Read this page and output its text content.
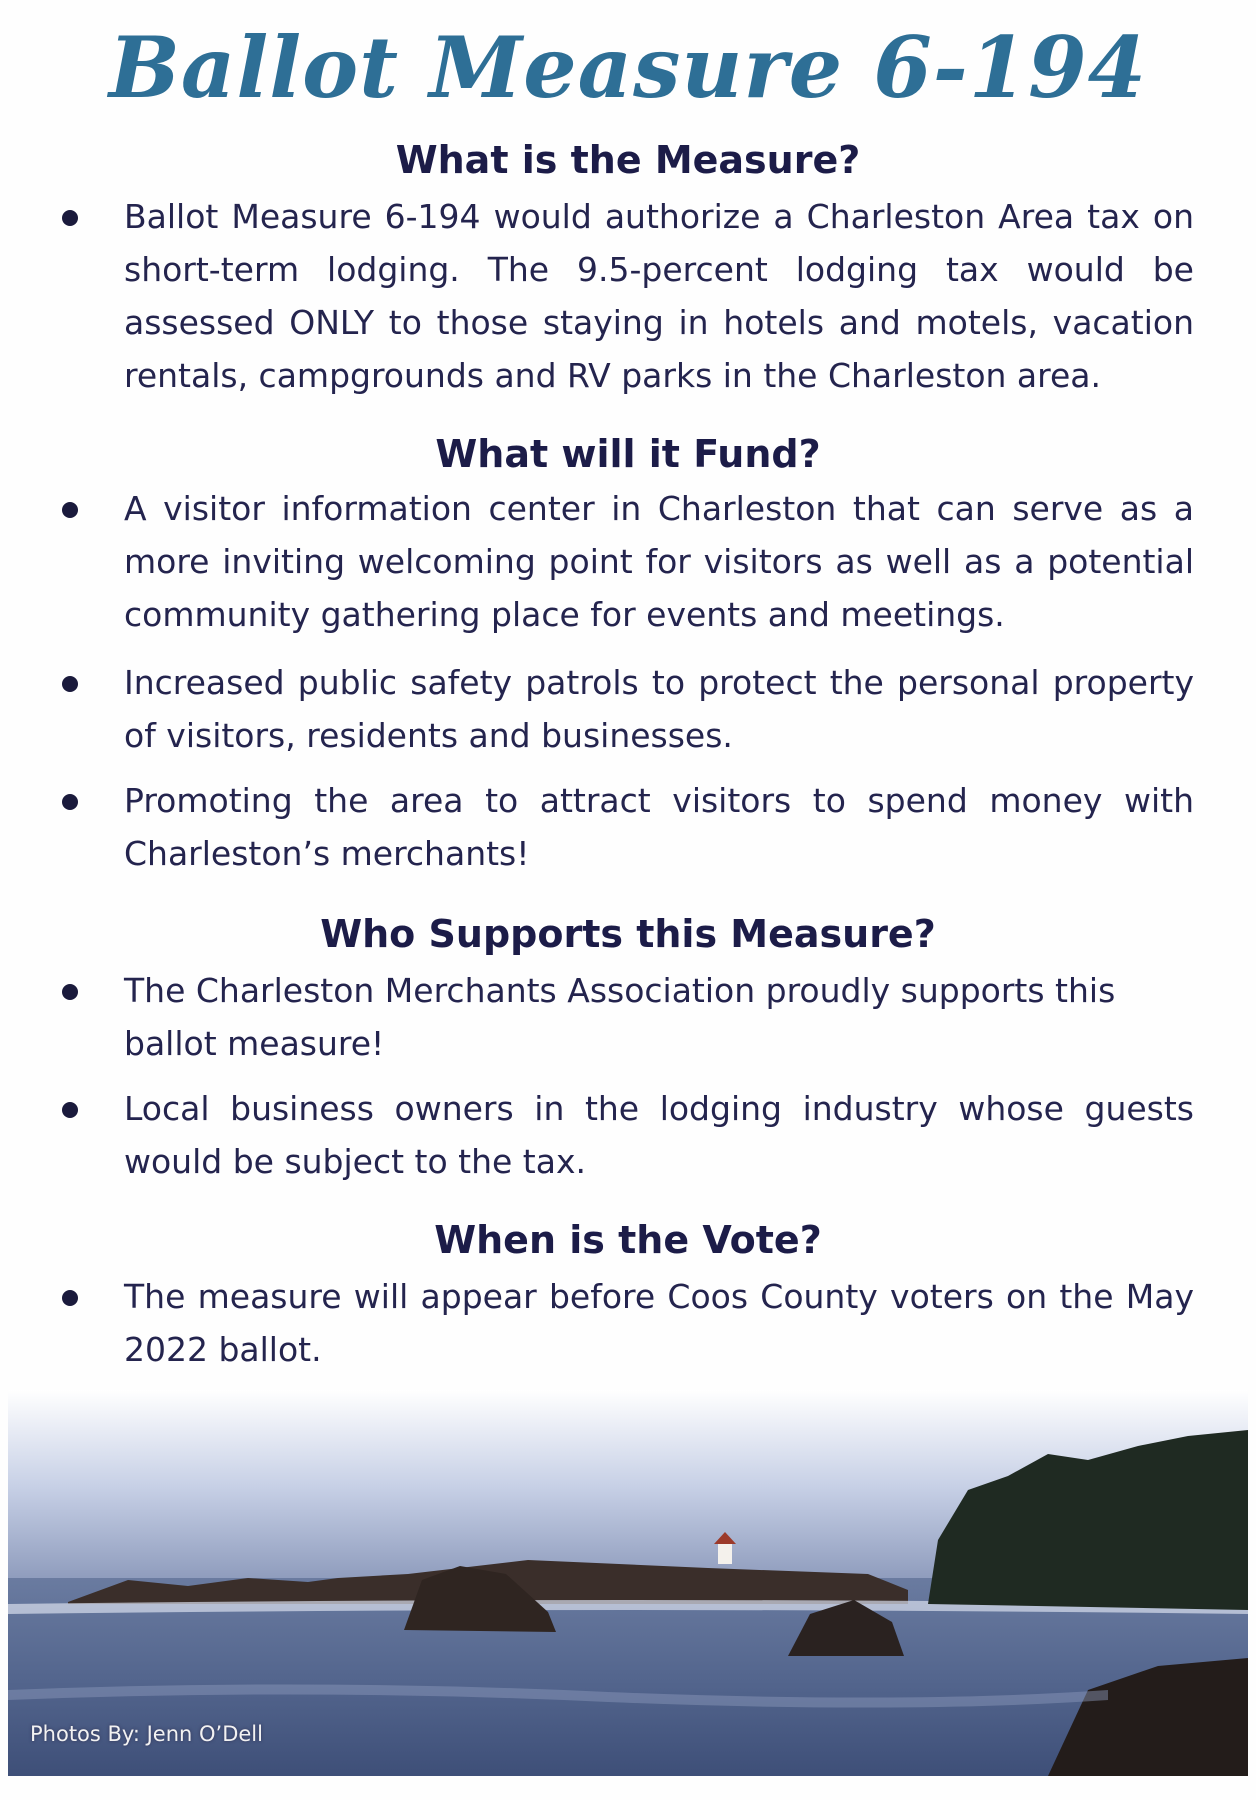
Ballot Measure 6-194
What is the Measure?
Ballot Measure 6-194 would authorize a Charleston Area tax on short-term lodging. The 9.5-percent lodging tax would be assessed ONLY to those staying in hotels and motels, vacation rentals, campgrounds and RV parks in the Charleston area.
What will it Fund?
A visitor information center in Charleston that can serve as a more inviting welcoming point for visitors as well as a potential community gathering place for events and meetings.
Increased public safety patrols to protect the personal property of visitors, residents and businesses.
Promoting the area to attract visitors to spend money with Charleston’s merchants!
Who Supports this Measure?
The Charleston Merchants Association proudly supports this ballot measure!
Local business owners in the lodging industry whose guests would be subject to the tax.
When is the Vote?
The measure will appear before Coos County voters on the May 2022 ballot.
Photos By: Jenn O’Dell
